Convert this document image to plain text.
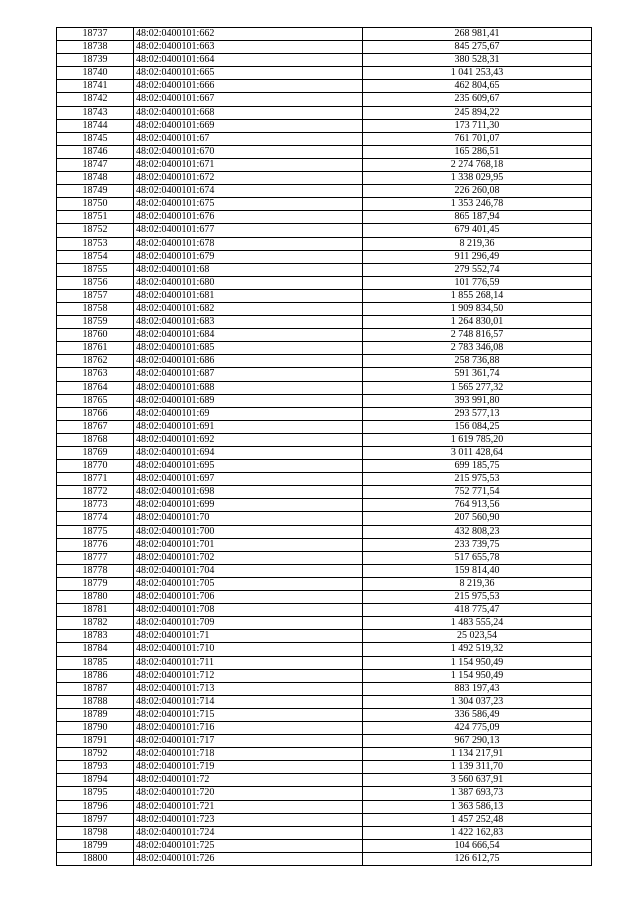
18737	48:02:0400101:662	268 981,41
18738	48:02:0400101:663	845 275,67
18739	48:02:0400101:664	380 528,31
18740	48:02:0400101:665	1 041 253,43
18741	48:02:0400101:666	462 804,65
18742	48:02:0400101:667	235 609,67
18743	48:02:0400101:668	245 894,22
18744	48:02:0400101:669	173 711,30
18745	48:02:0400101:67	761 701,07
18746	48:02:0400101:670	165 286,51
18747	48:02:0400101:671	2 274 768,18
18748	48:02:0400101:672	1 338 029,95
18749	48:02:0400101:674	226 260,08
18750	48:02:0400101:675	1 353 246,78
18751	48:02:0400101:676	865 187,94
18752	48:02:0400101:677	679 401,45
18753	48:02:0400101:678	8 219,36
18754	48:02:0400101:679	911 296,49
18755	48:02:0400101:68	279 552,74
18756	48:02:0400101:680	101 776,59
18757	48:02:0400101:681	1 855 268,14
18758	48:02:0400101:682	1 909 834,50
18759	48:02:0400101:683	1 264 830,01
18760	48:02:0400101:684	2 748 816,57
18761	48:02:0400101:685	2 783 346,08
18762	48:02:0400101:686	258 736,88
18763	48:02:0400101:687	591 361,74
18764	48:02:0400101:688	1 565 277,32
18765	48:02:0400101:689	393 991,80
18766	48:02:0400101:69	293 577,13
18767	48:02:0400101:691	156 084,25
18768	48:02:0400101:692	1 619 785,20
18769	48:02:0400101:694	3 011 428,64
18770	48:02:0400101:695	699 185,75
18771	48:02:0400101:697	215 975,53
18772	48:02:0400101:698	752 771,54
18773	48:02:0400101:699	764 913,56
18774	48:02:0400101:70	207 560,90
18775	48:02:0400101:700	432 808,23
18776	48:02:0400101:701	233 739,75
18777	48:02:0400101:702	517 655,78
18778	48:02:0400101:704	159 814,40
18779	48:02:0400101:705	8 219,36
18780	48:02:0400101:706	215 975,53
18781	48:02:0400101:708	418 775,47
18782	48:02:0400101:709	1 483 555,24
18783	48:02:0400101:71	25 023,54
18784	48:02:0400101:710	1 492 519,32
18785	48:02:0400101:711	1 154 950,49
18786	48:02:0400101:712	1 154 950,49
18787	48:02:0400101:713	883 197,43
18788	48:02:0400101:714	1 304 037,23
18789	48:02:0400101:715	336 586,49
18790	48:02:0400101:716	424 775,09
18791	48:02:0400101:717	967 290,13
18792	48:02:0400101:718	1 134 217,91
18793	48:02:0400101:719	1 139 311,70
18794	48:02:0400101:72	3 560 637,91
18795	48:02:0400101:720	1 387 693,73
18796	48:02:0400101:721	1 363 586,13
18797	48:02:0400101:723	1 457 252,48
18798	48:02:0400101:724	1 422 162,83
18799	48:02:0400101:725	104 666,54
18800	48:02:0400101:726	126 612,75
